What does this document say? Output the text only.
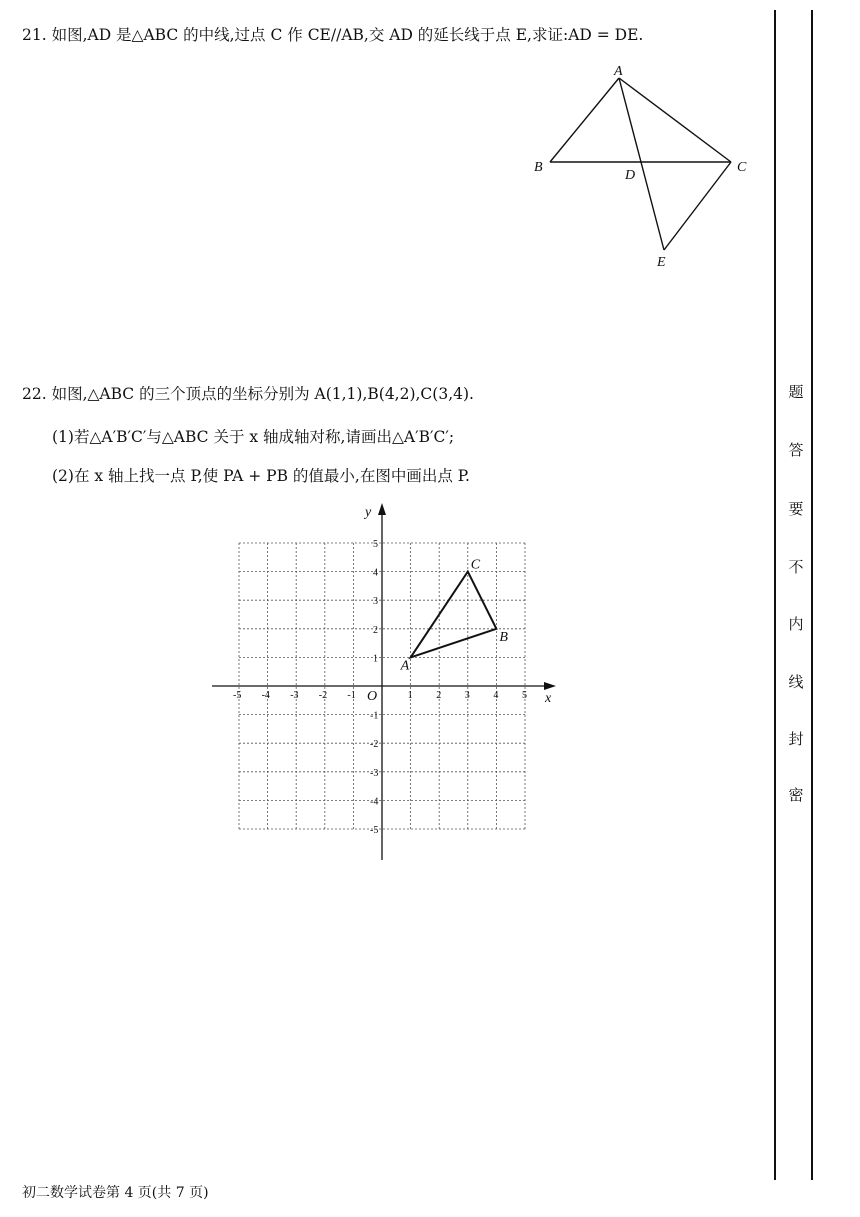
21. 如图,AD 是△ABC 的中线,过点 C 作 CE//AB,交 AD 的延长线于点 E,求证:AD = DE.
A
B	C
D
E
22. 如图,△ABC 的三个顶点的坐标分别为 A(1,1),B(4,2),C(3,4).
(1)若△A′B′C′与△ABC 关于 x 轴成轴对称,请画出△A′B′C′;
(2)在 x 轴上找一点 P,使 PA + PB 的值最小,在图中画出点 P.
x
y
O
-5 -4 -3 -2 -1	1 2 3 4 5
5
4
3
2
1
-1
-2
-3
-4
-5
A
B
C
题
答
要
不
内
线
封
密
初二数学试卷第 4 页(共 7 页)
